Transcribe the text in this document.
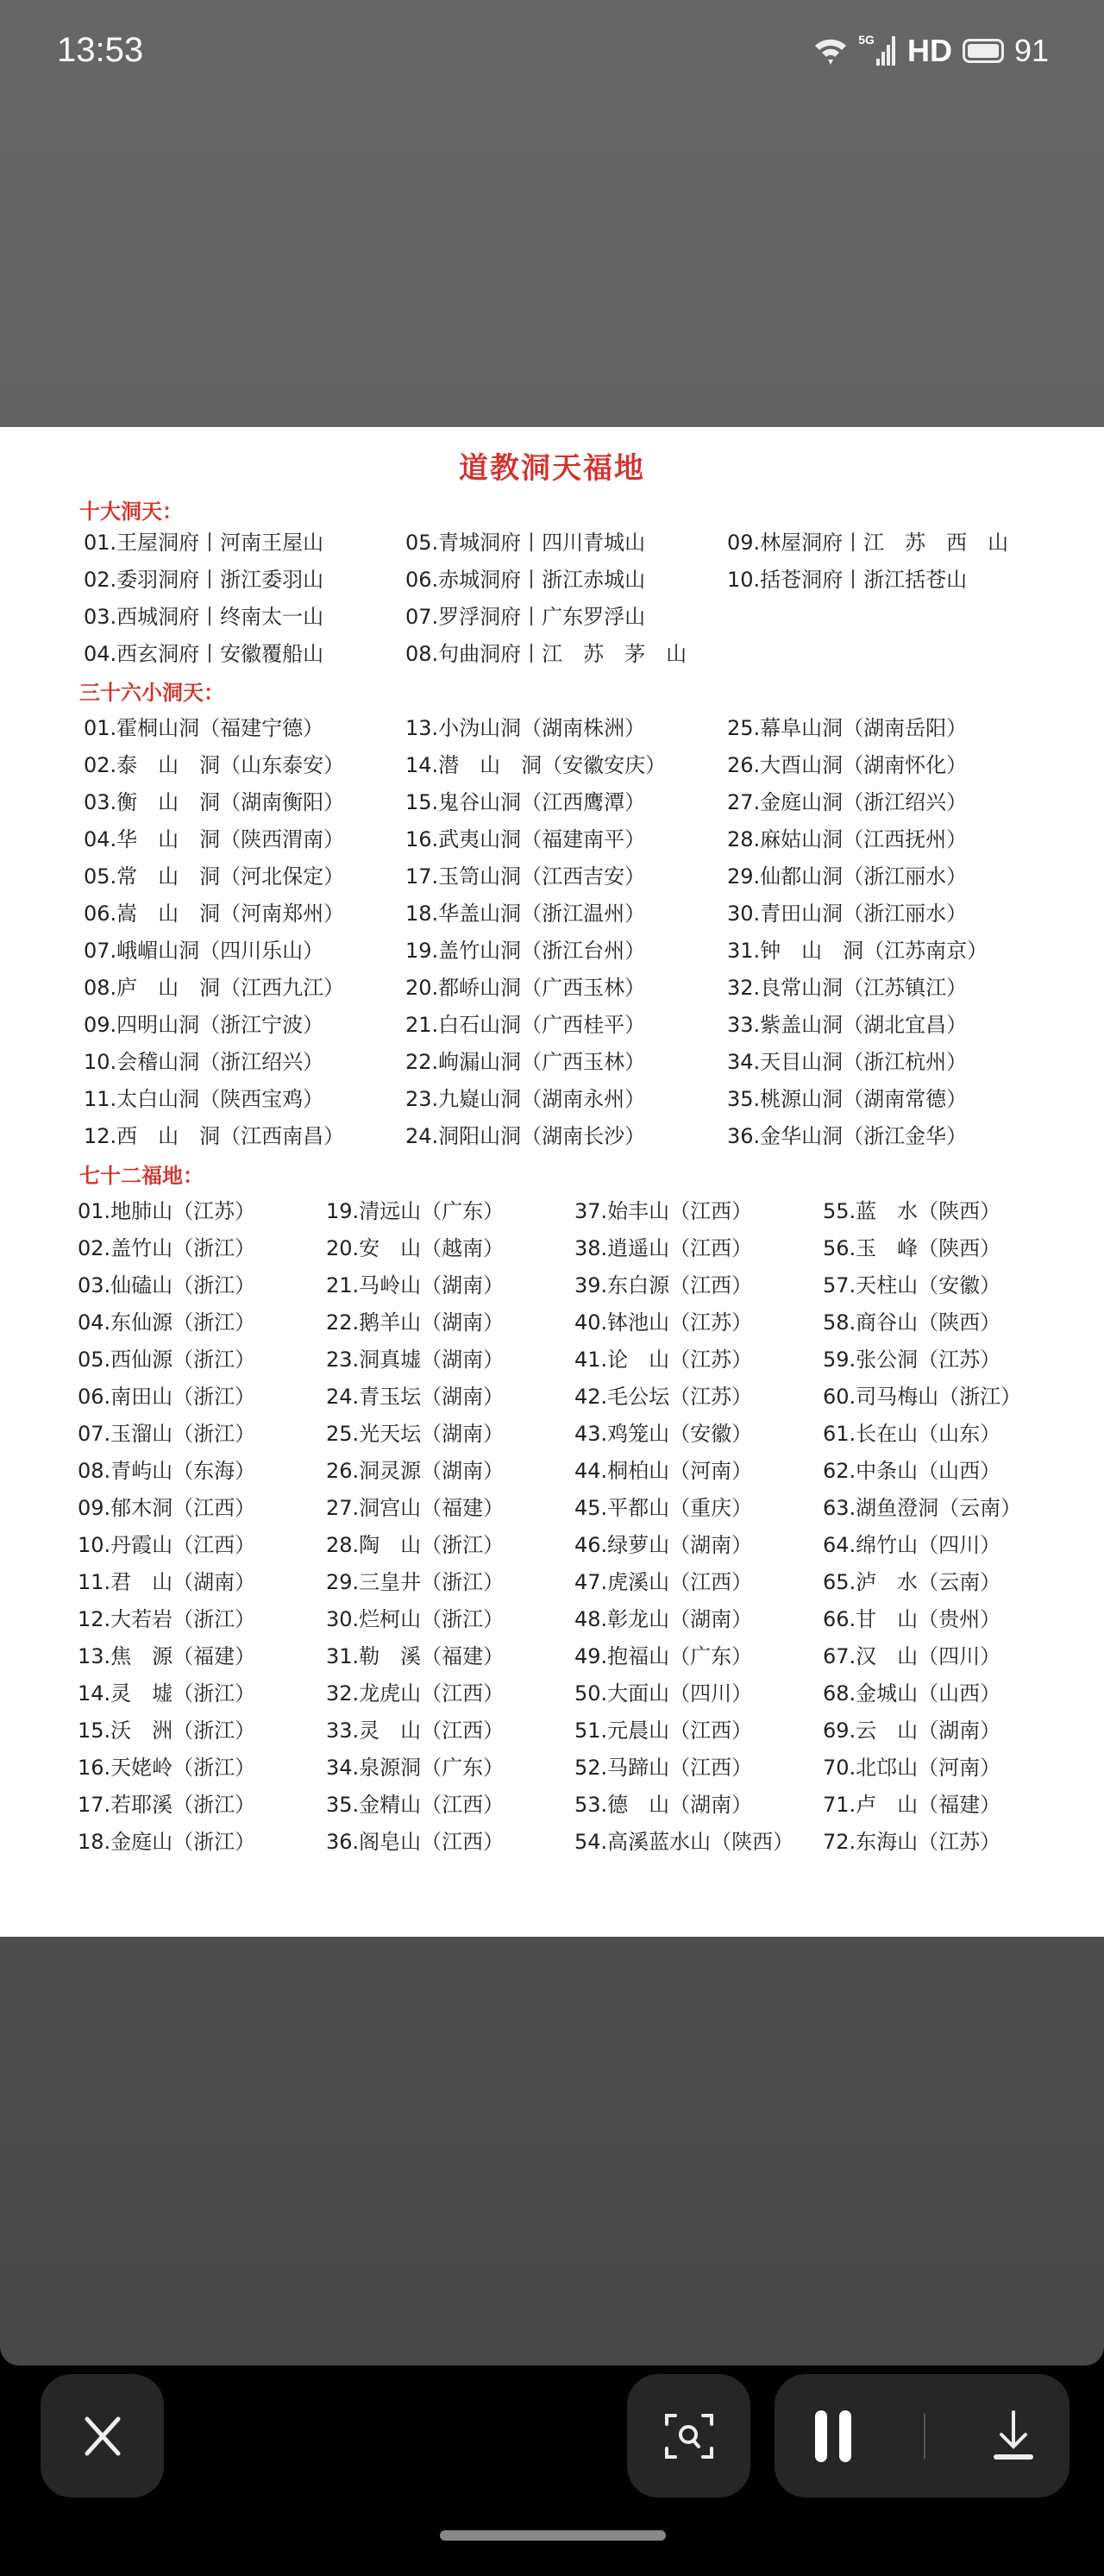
13:53	5G HD 91
道教洞天福地
十大洞天：
01.王屋洞府丨河南王屋山
02.委羽洞府丨浙江委羽山
03.西城洞府丨终南太一山
04.西玄洞府丨安徽覆船山
05.青城洞府丨四川青城山
06.赤城洞府丨浙江赤城山
07.罗浮洞府丨广东罗浮山
08.句曲洞府丨江　苏　茅　山
09.林屋洞府丨江　苏　西　山
10.括苍洞府丨浙江括苍山
三十六小洞天：
01.霍桐山洞（福建宁德）
02.泰　山　洞（山东泰安）
03.衡　山　洞（湖南衡阳）
04.华　山　洞（陕西渭南）
05.常　山　洞（河北保定）
06.嵩　山　洞（河南郑州）
07.峨嵋山洞（四川乐山）
08.庐　山　洞（江西九江）
09.四明山洞（浙江宁波）
10.会稽山洞（浙江绍兴）
11.太白山洞（陕西宝鸡）
12.西　山　洞（江西南昌）
13.小沩山洞（湖南株洲）
14.潜　山　洞（安徽安庆）
15.鬼谷山洞（江西鹰潭）
16.武夷山洞（福建南平）
17.玉笥山洞（江西吉安）
18.华盖山洞（浙江温州）
19.盖竹山洞（浙江台州）
20.都峤山洞（广西玉林）
21.白石山洞（广西桂平）
22.岣漏山洞（广西玉林）
23.九嶷山洞（湖南永州）
24.洞阳山洞（湖南长沙）
25.幕阜山洞（湖南岳阳）
26.大酉山洞（湖南怀化）
27.金庭山洞（浙江绍兴）
28.麻姑山洞（江西抚州）
29.仙都山洞（浙江丽水）
30.青田山洞（浙江丽水）
31.钟　山　洞（江苏南京）
32.良常山洞（江苏镇江）
33.紫盖山洞（湖北宜昌）
34.天目山洞（浙江杭州）
35.桃源山洞（湖南常德）
36.金华山洞（浙江金华）
七十二福地：
01.地肺山（江苏）
02.盖竹山（浙江）
03.仙磕山（浙江）
04.东仙源（浙江）
05.西仙源（浙江）
06.南田山（浙江）
07.玉溜山（浙江）
08.青屿山（东海）
09.郁木洞（江西）
10.丹霞山（江西）
11.君　山（湖南）
12.大若岩（浙江）
13.焦　源（福建）
14.灵　墟（浙江）
15.沃　洲（浙江）
16.天姥岭（浙江）
17.若耶溪（浙江）
18.金庭山（浙江）
19.清远山（广东）
20.安　山（越南）
21.马岭山（湖南）
22.鹅羊山（湖南）
23.洞真墟（湖南）
24.青玉坛（湖南）
25.光天坛（湖南）
26.洞灵源（湖南）
27.洞宫山（福建）
28.陶　山（浙江）
29.三皇井（浙江）
30.烂柯山（浙江）
31.勒　溪（福建）
32.龙虎山（江西）
33.灵　山（江西）
34.泉源洞（广东）
35.金精山（江西）
36.阁皂山（江西）
37.始丰山（江西）
38.逍遥山（江西）
39.东白源（江西）
40.钵池山（江苏）
41.论　山（江苏）
42.毛公坛（江苏）
43.鸡笼山（安徽）
44.桐柏山（河南）
45.平都山（重庆）
46.绿萝山（湖南）
47.虎溪山（江西）
48.彰龙山（湖南）
49.抱福山（广东）
50.大面山（四川）
51.元晨山（江西）
52.马蹄山（江西）
53.德　山（湖南）
54.高溪蓝水山（陕西）
55.蓝　水（陕西）
56.玉　峰（陕西）
57.天柱山（安徽）
58.商谷山（陕西）
59.张公洞（江苏）
60.司马梅山（浙江）
61.长在山（山东）
62.中条山（山西）
63.湖鱼澄洞（云南）
64.绵竹山（四川）
65.泸　水（云南）
66.甘　山（贵州）
67.汉　山（四川）
68.金城山（山西）
69.云　山（湖南）
70.北邙山（河南）
71.卢　山（福建）
72.东海山（江苏）
